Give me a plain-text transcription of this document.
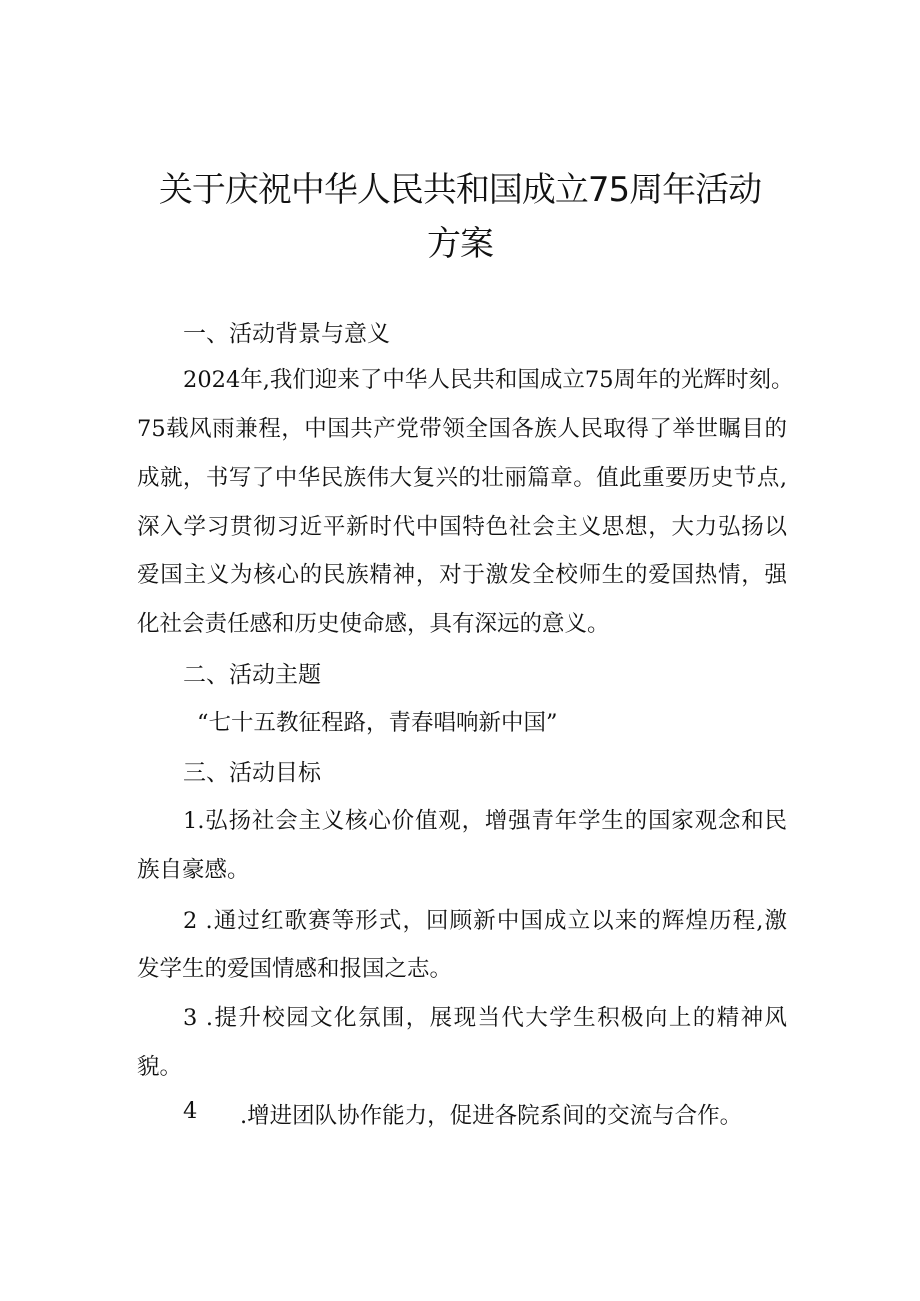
关于庆祝中华人民共和国成立75周年活动
方案
一、活动背景与意义
2024年,我们迎来了中华人民共和国成立75周年的光辉时刻。
75载风雨兼程，中国共产党带领全国各族人民取得了举世瞩目的
成就，书写了中华民族伟大复兴的壮丽篇章。值此重要历史节点,
深入学习贯彻习近平新时代中国特色社会主义思想，大力弘扬以
爱国主义为核心的民族精神，对于激发全校师生的爱国热情，强
化社会责任感和历史使命感，具有深远的意义。
二、活动主题
“七十五教征程路，青春唱响新中国”
三、活动目标
1.弘扬社会主义核心价值观，增强青年学生的国家观念和民
族自豪感。
2 .通过红歌赛等形式，回顾新中国成立以来的辉煌历程,激
发学生的爱国情感和报国之志。
3 .提升校园文化氛围，展现当代大学生积极向上的精神风
貌。
4 .增进团队协作能力，促进各院系间的交流与合作。
